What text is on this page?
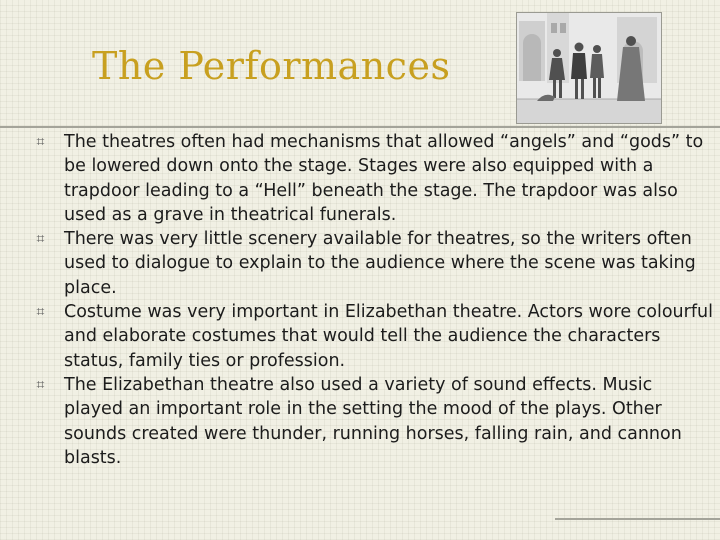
The Performances
⌗ The theatres often had mechanisms that allowed “angels” and “gods” to be lowered down onto the stage. Stages were also equipped with a trapdoor leading to a “Hell” beneath the stage. The trapdoor was also used as a grave in theatrical funerals.
⌗ There was very little scenery available for theatres, so the writers often used to dialogue to explain to the audience where the scene was taking place.
⌗ Costume was very important in Elizabethan theatre. Actors wore colourful and elaborate costumes that would tell the audience the characters status, family ties or profession.
⌗ The Elizabethan theatre also used a variety of sound effects. Music played an important role in the setting the mood of the plays. Other sounds created were thunder, running horses, falling rain, and cannon blasts.
